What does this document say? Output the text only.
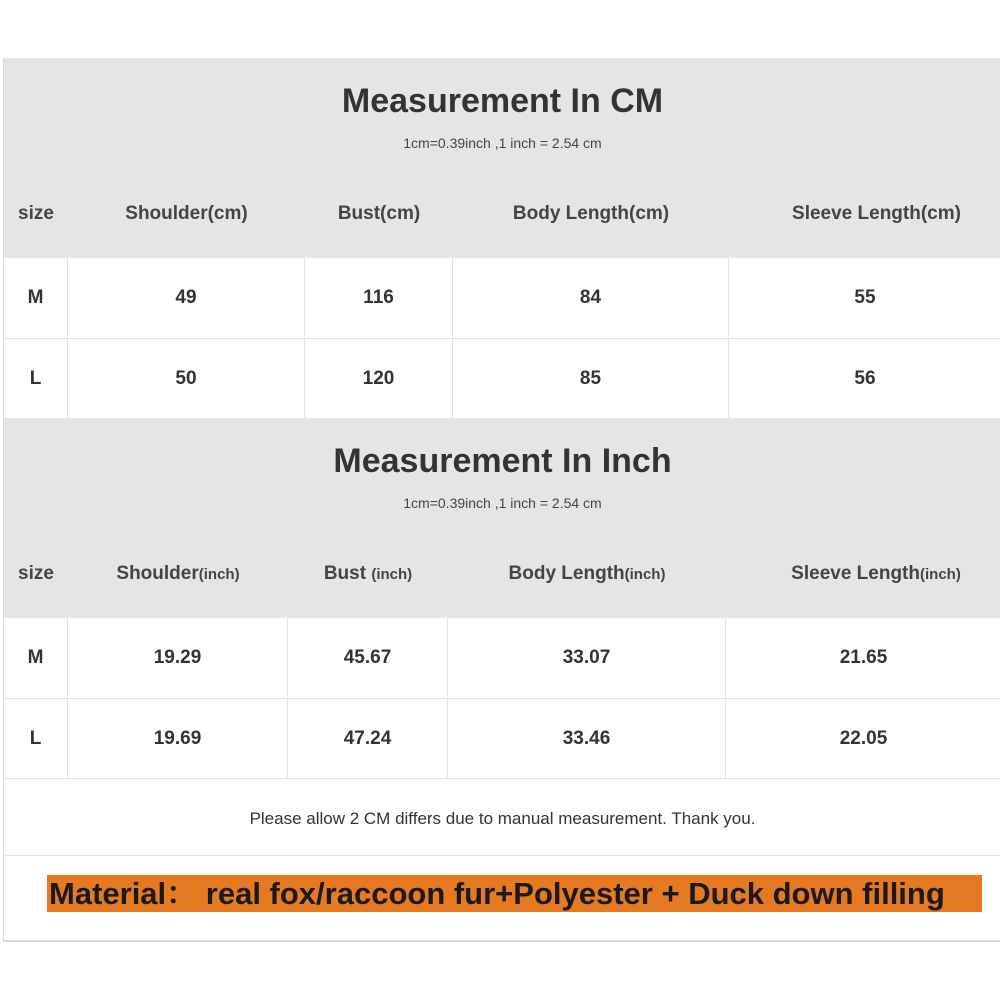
Measurement In CM
1cm=0.39inch ,1 inch = 2.54 cm
size	Shoulder(cm)	Bust(cm)	Body Length(cm)	Sleeve Length(cm)
M	49	116	84	55
L	50	120	85	56
Measurement In Inch
1cm=0.39inch ,1 inch = 2.54 cm
size	Shoulder(inch)	Bust (inch)	Body Length(inch)	Sleeve Length(inch)
M	19.29	45.67	33.07	21.65
L	19.69	47.24	33.46	22.05
Please allow 2 CM differs due to manual measurement. Thank you.
Material： real fox/raccoon fur+Polyester + Duck down filling
